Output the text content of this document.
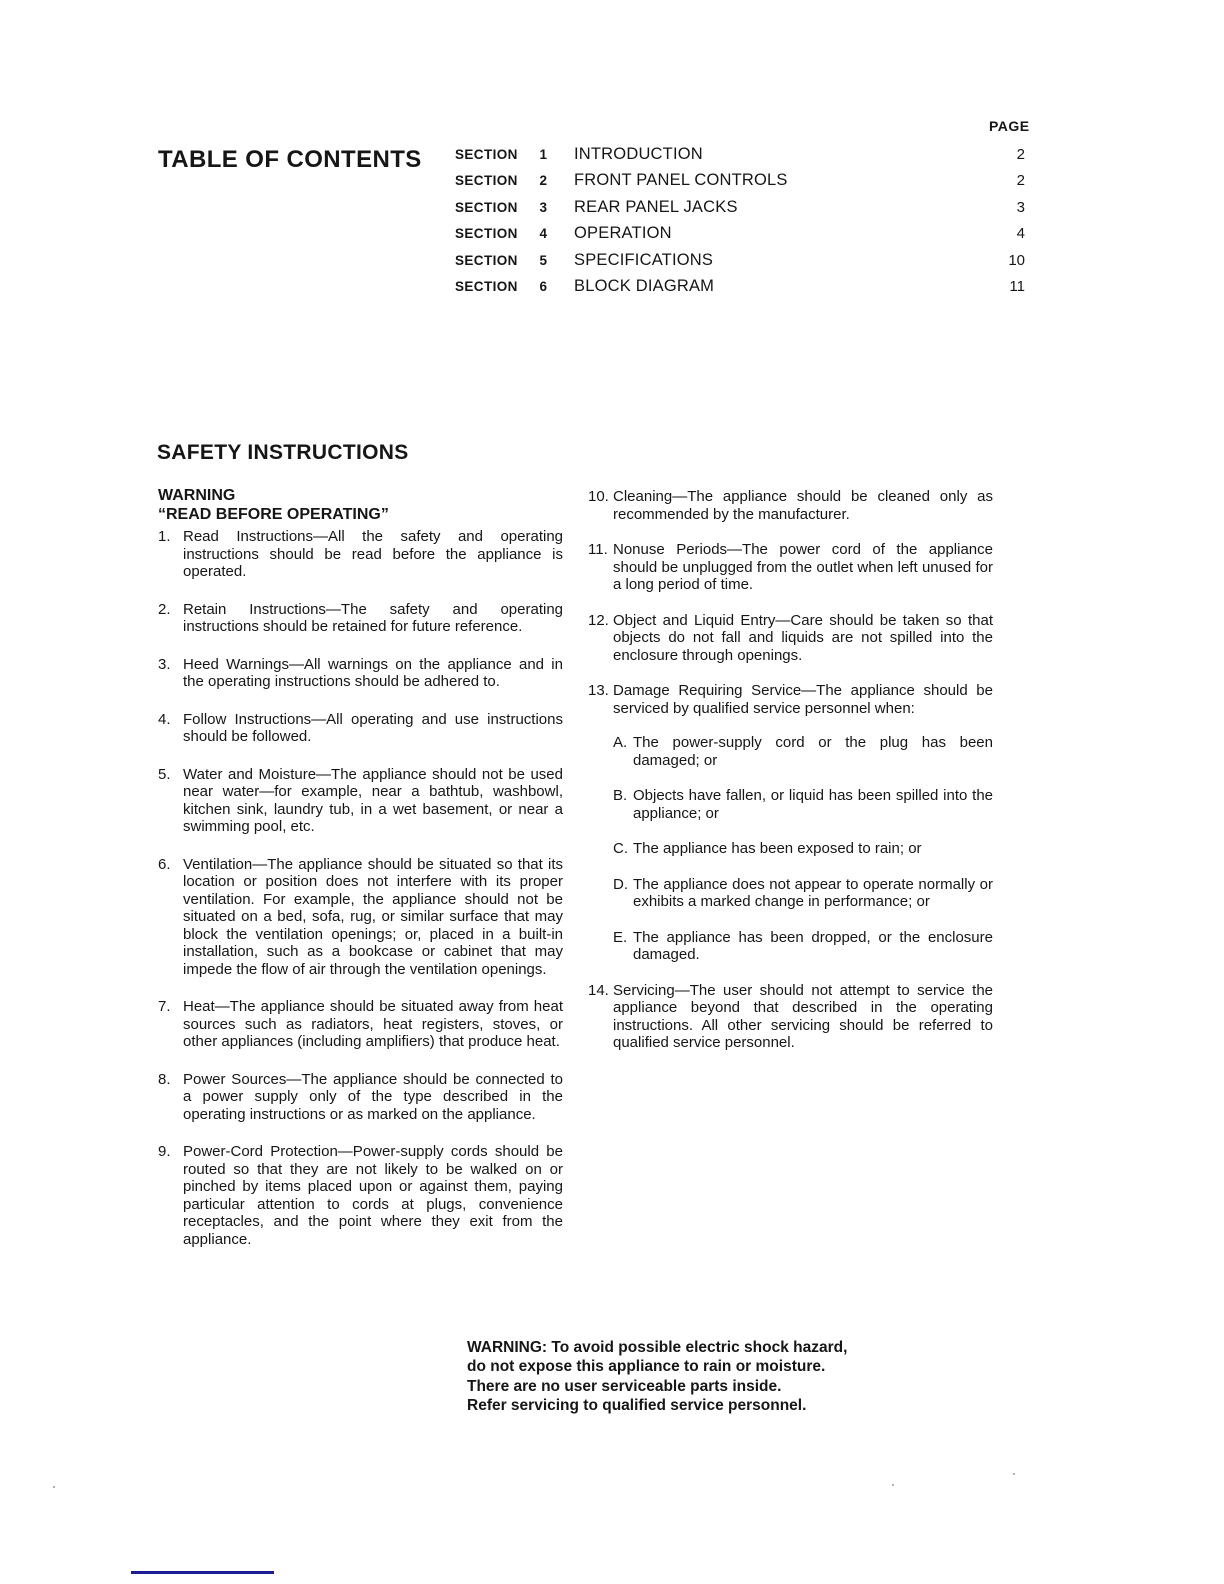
PAGE
TABLE OF CONTENTS SECTION	1	INTRODUCTION	2
SECTION	2	FRONT PANEL CONTROLS	2
SECTION	3	REAR PANEL JACKS	3
SECTION	4	OPERATION	4
SECTION	5	SPECIFICATIONS	10
SECTION	6	BLOCK DIAGRAM	11
SAFETY INSTRUCTIONS
WARNING
“READ BEFORE OPERATING”
1. Read Instructions—All the safety and operating instructions should be read before the appliance is operated.
2. Retain Instructions—The safety and operating instructions should be retained for future reference.
3. Heed Warnings—All warnings on the appliance and in the operating instructions should be adhered to.
4. Follow Instructions—All operating and use instructions should be followed.
5. Water and Moisture—The appliance should not be used near water—for example, near a bathtub, washbowl, kitchen sink, laundry tub, in a wet basement, or near a swimming pool, etc.
6. Ventilation—The appliance should be situated so that its location or position does not interfere with its proper ventilation. For example, the appliance should not be situated on a bed, sofa, rug, or similar surface that may block the ventilation openings; or, placed in a built-in installation, such as a bookcase or cabinet that may impede the flow of air through the ventilation openings.
7. Heat—The appliance should be situated away from heat sources such as radiators, heat registers, stoves, or other appliances (including amplifiers) that produce heat.
8. Power Sources—The appliance should be connected to a power supply only of the type described in the operating instructions or as marked on the appliance.
9. Power-Cord Protection—Power-supply cords should be routed so that they are not likely to be walked on or pinched by items placed upon or against them, paying particular attention to cords at plugs, convenience receptacles, and the point where they exit from the appliance.
10. Cleaning—The appliance should be cleaned only as recommended by the manufacturer.
11. Nonuse Periods—The power cord of the appliance should be unplugged from the outlet when left unused for a long period of time.
12. Object and Liquid Entry—Care should be taken so that objects do not fall and liquids are not spilled into the enclosure through openings.
13. Damage Requiring Service—The appliance should be serviced by qualified service personnel when:
A. The power-supply cord or the plug has been damaged; or
B. Objects have fallen, or liquid has been spilled into the appliance; or
C. The appliance has been exposed to rain; or
D. The appliance does not appear to operate normally or exhibits a marked change in performance; or
E. The appliance has been dropped, or the enclosure damaged.
14. Servicing—The user should not attempt to service the appliance beyond that described in the operating instructions. All other servicing should be referred to qualified service personnel.
WARNING: To avoid possible electric shock hazard,
do not expose this appliance to rain or moisture.
There are no user serviceable parts inside.
Refer servicing to qualified service personnel.
